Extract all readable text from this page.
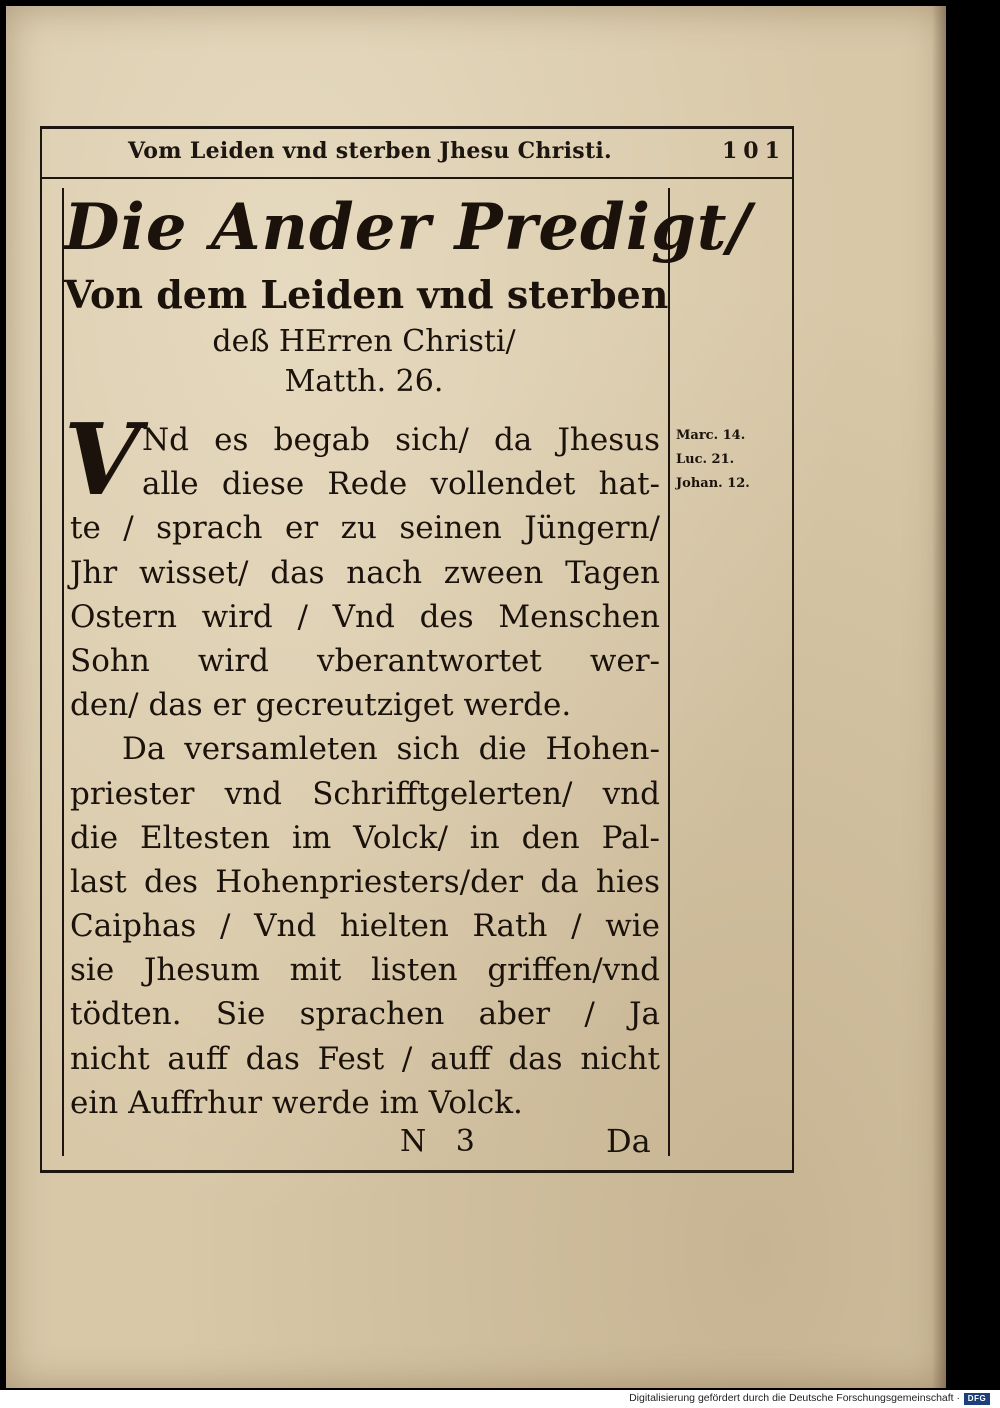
Vom Leiden vnd sterben Jhesu Christi.	101
Die Ander Predigt/
Von dem Leiden vnd sterben
deß HErren Christi/
Matth. 26.
V Nd es begab sich/ da Jhesus
alle diese Rede vollendet hat-
te / sprach er zu seinen Jüngern/
Jhr wisset/ das nach zween Tagen
Ostern wird / Vnd des Menschen
Sohn wird vberantwortet wer-
den/ das er gecreutziget werde.
Da versamleten sich die Hohen-
priester vnd Schrifftgelerten/ vnd
die Eltesten im Volck/ in den Pal-
last des Hohenpriesters/der da hies
Caiphas / Vnd hielten Rath / wie
sie Jhesum mit listen griffen/vnd
tödten. Sie sprachen aber / Ja
nicht auff das Fest / auff das nicht
ein Auffrhur werde im Volck.
Marc. 14.
Luc. 21.
Johan. 12.
N 3	Da
Digitalisierung gefördert durch die Deutsche Forschungsgemeinschaft · DFG
